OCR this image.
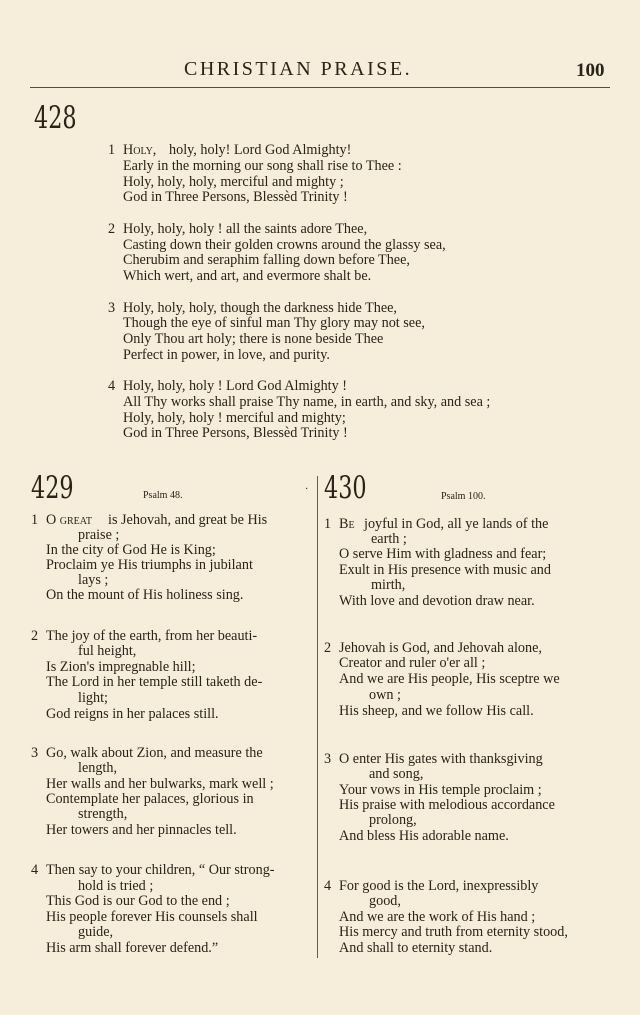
CHRISTIAN PRAISE.	100
428
1 Holy, holy, holy! Lord God Almighty!
Early in the morning our song shall rise to Thee :
Holy, holy, holy, merciful and mighty ;
God in Three Persons, Blessèd Trinity !
2 Holy, holy, holy ! all the saints adore Thee,
Casting down their golden crowns around the glassy sea,
Cherubim and seraphim falling down before Thee,
Which wert, and art, and evermore shalt be.
3 Holy, holy, holy, though the darkness hide Thee,
Though the eye of sinful man Thy glory may not see,
Only Thou art holy; there is none beside Thee
Perfect in power, in love, and purity.
4 Holy, holy, holy ! Lord God Almighty !
All Thy works shall praise Thy name, in earth, and sky, and sea ;
Holy, holy, holy ! merciful and mighty;
God in Three Persons, Blessèd Trinity !
·
429	Psalm 48.
1 O great is Jehovah, and great be His
praise ;
In the city of God He is King;
Proclaim ye His triumphs in jubilant
lays ;
On the mount of His holiness sing.
2 The joy of the earth, from her beauti-
ful height,
Is Zion's impregnable hill;
The Lord in her temple still taketh de-
light;
God reigns in her palaces still.
3 Go, walk about Zion, and measure the
length,
Her walls and her bulwarks, mark well ;
Contemplate her palaces, glorious in
strength,
Her towers and her pinnacles tell.
4 Then say to your children, “ Our strong-
hold is tried ;
This God is our God to the end ;
His people forever His counsels shall
guide,
His arm shall forever defend.”
430	Psalm 100.
1 Be joyful in God, all ye lands of the
earth ;
O serve Him with gladness and fear;
Exult in His presence with music and
mirth,
With love and devotion draw near.
2 Jehovah is God, and Jehovah alone,
Creator and ruler o'er all ;
And we are His people, His sceptre we
own ;
His sheep, and we follow His call.
3 O enter His gates with thanksgiving
and song,
Your vows in His temple proclaim ;
His praise with melodious accordance
prolong,
And bless His adorable name.
4 For good is the Lord, inexpressibly
good,
And we are the work of His hand ;
His mercy and truth from eternity stood,
And shall to eternity stand.
